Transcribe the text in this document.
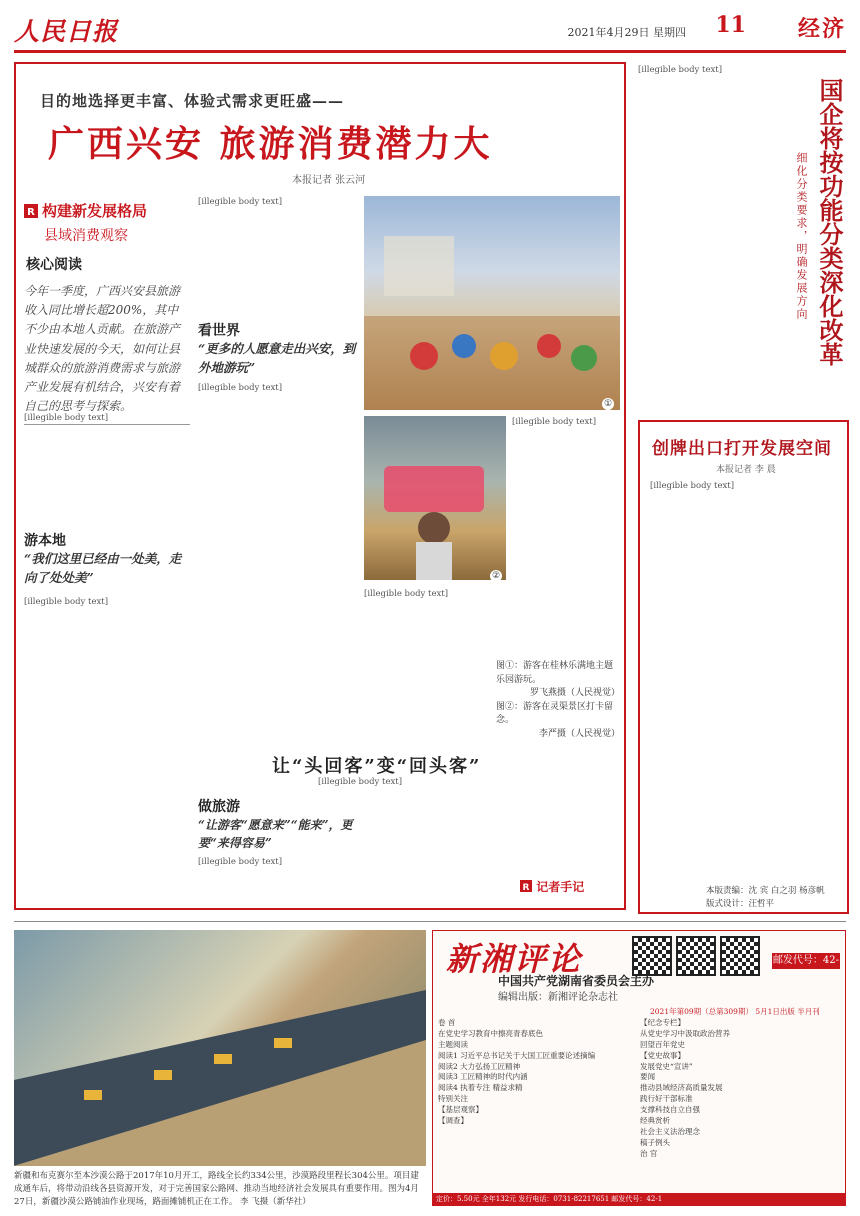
人民日报	2021年4月29日 星期四 11 经济
目的地选择更丰富、体验式需求更旺盛——
广西兴安 旅游消费潜力大
本报记者 张云河
R 构建新发展格局
县域消费观察
核心阅读
今年一季度，广西兴安县旅游收入同比增长超200%，其中不少由本地人贡献。在旅游产业快速发展的今天，如何让县城群众的旅游消费需求与旅游产业发展有机结合，兴安有着自己的思考与探索。
[illegible body text]
游本地
“我们这里已经由一处美，走向了处处美”
[illegible body text]
[illegible body text]
看世界
“更多的人愿意走出兴安，到外地游玩”
[illegible body text]
做旅游
“让游客“愿意来”“能来”，更要“来得容易”
[illegible body text]
①
②
[illegible body text]
[illegible body text]
图①：游客在桂林乐满地主题乐园游玩。
罗飞燕摄（人民视觉）
图②：游客在灵渠景区打卡留念。
李严摄（人民视觉）
让“头回客”变“回头客”
[illegible body text]
R 记者手记
[illegible body text]
国企将按功能分类深化改革
细化分类要求，明确发展方向
创牌出口打开发展空间
本报记者 李 晨
[illegible body text]
本版责编：沈 宾 白之羽 杨彦帆
版式设计：汪哲平
新疆和布克赛尔至本沙漠公路于2017年10月开工，路线全长约334公里，沙漠路段里程长304公里。项目建成通车后，将带动沿线各县资源开发，对于完善国家公路网、推动当地经济社会发展具有重要作用。图为4月27日，新疆沙漠公路铺油作业现场，路面摊铺机正在工作。 李 飞摄（新华社）
新湘评论	邮发代号：42-1
中国共产党湖南省委员会主办
编辑出版：新湘评论杂志社
2021年第09期（总第309期） 5月1日出版 半月刊
卷 首
在党史学习教育中擦亮青春底色
主题阅读
阅读1 习近平总书记关于大国工匠重要论述摘编
阅读2 大力弘扬工匠精神
阅读3 工匠精神的时代内涵
阅读4 执着专注 精益求精
特别关注
【基层观察】
【调查】
【纪念专栏】
从党史学习中汲取政治营养
回望百年党史
【党史故事】
发展党史“宣讲”
要闻
推动县域经济高质量发展
践行好干部标准
支撑科技自立自强
经典赏析
社会主义法治理念
稿子例头
治 官
定价：5.50元 全年132元 发行电话：0731-82217651 邮发代号：42-1
